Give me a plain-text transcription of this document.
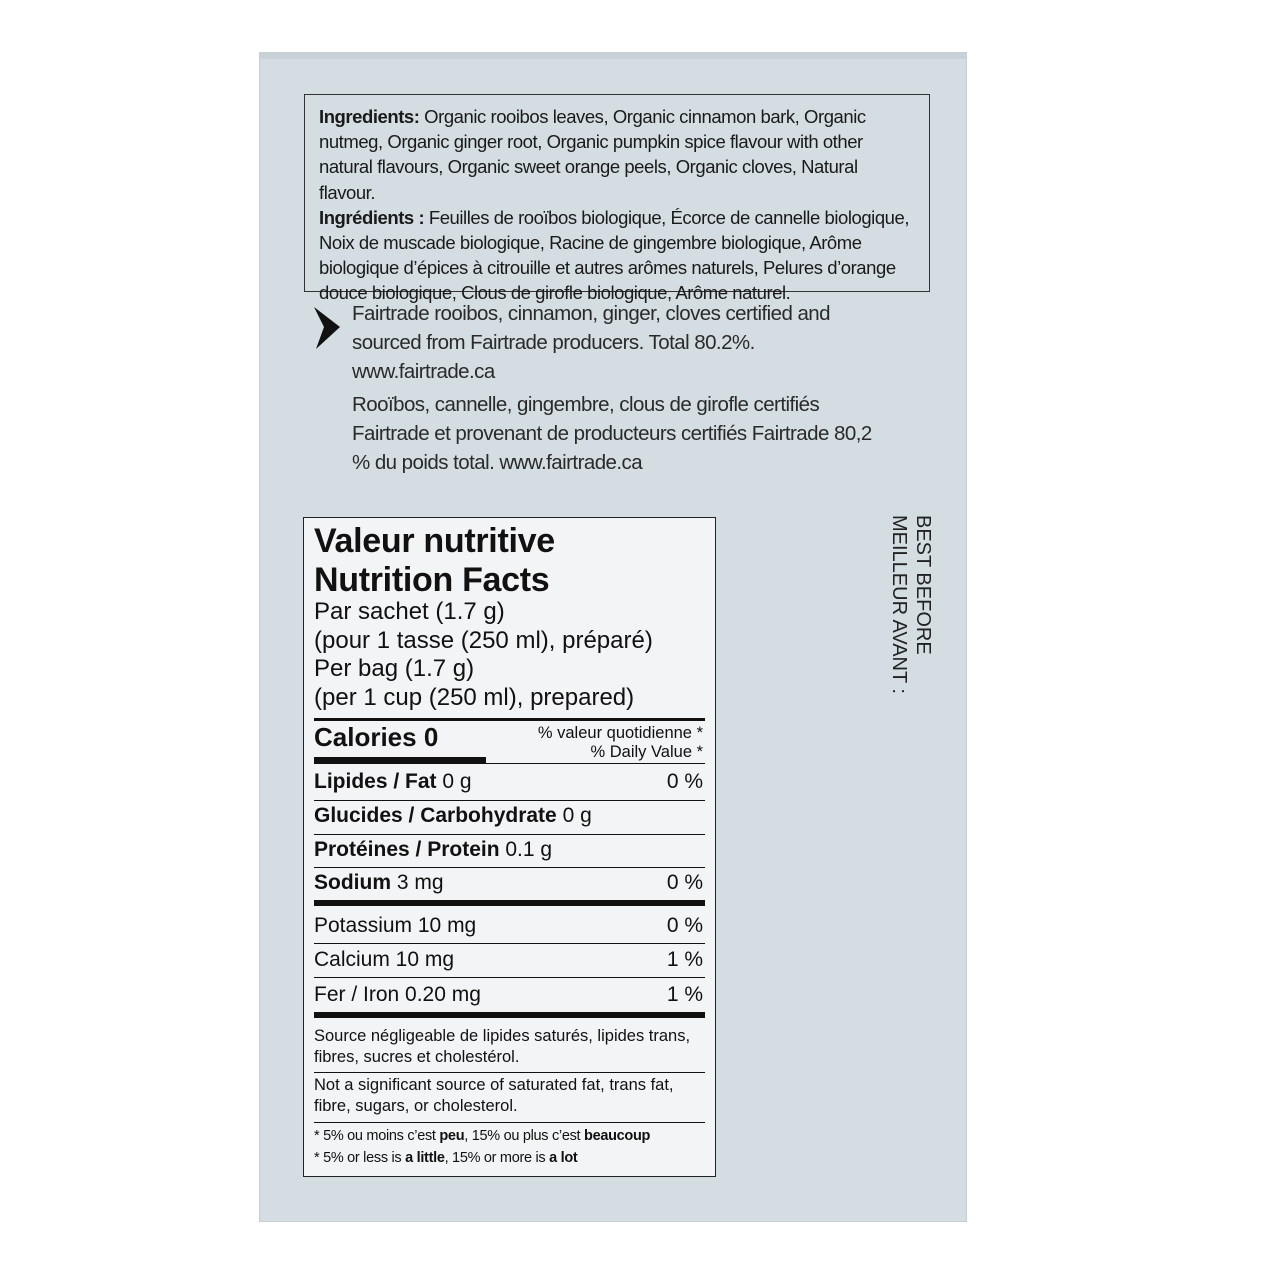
Ingredients: Organic rooibos leaves, Organic cinnamon bark, Organic nutmeg, Organic ginger root, Organic pumpkin spice flavour with other natural flavours, Organic sweet orange peels, Organic cloves, Natural flavour.

Ingrédients : Feuilles de rooïbos biologique, Écorce de cannelle biologique, Noix de muscade biologique, Racine de gingembre biologique, Arôme biologique d’épices à citrouille et autres arômes naturels, Pelures d’orange douce biologique, Clous de girofle biologique, Arôme naturel.

Fairtrade rooibos, cinnamon, ginger, cloves certified and sourced from Fairtrade producers. Total 80.2%. www.fairtrade.ca

Rooïbos, cannelle, gingembre, clous de girofle certifiés Fairtrade et provenant de producteurs certifiés Fairtrade 80,2 % du poids total. www.fairtrade.ca

Valeur nutritive
Nutrition Facts
Par sachet (1.7 g)
(pour 1 tasse (250 ml), préparé)
Per bag (1.7 g)
(per 1 cup (250 ml), prepared)
Calories 0	% valeur quotidienne *
% Daily Value *
Lipides / Fat 0 g	0 %
Glucides / Carbohydrate 0 g
Protéines / Protein 0.1 g
Sodium 3 mg	0 %
Potassium 10 mg	0 %
Calcium 10 mg	1 %
Fer / Iron 0.20 mg	1 %
Source négligeable de lipides saturés, lipides trans, fibres, sucres et cholestérol.
Not a significant source of saturated fat, trans fat, fibre, sugars, or cholesterol.
* 5% ou moins c’est peu, 15% ou plus c’est beaucoup
* 5% or less is a little, 15% or more is a lot
BEST BEFORE
MEILLEUR AVANT :
